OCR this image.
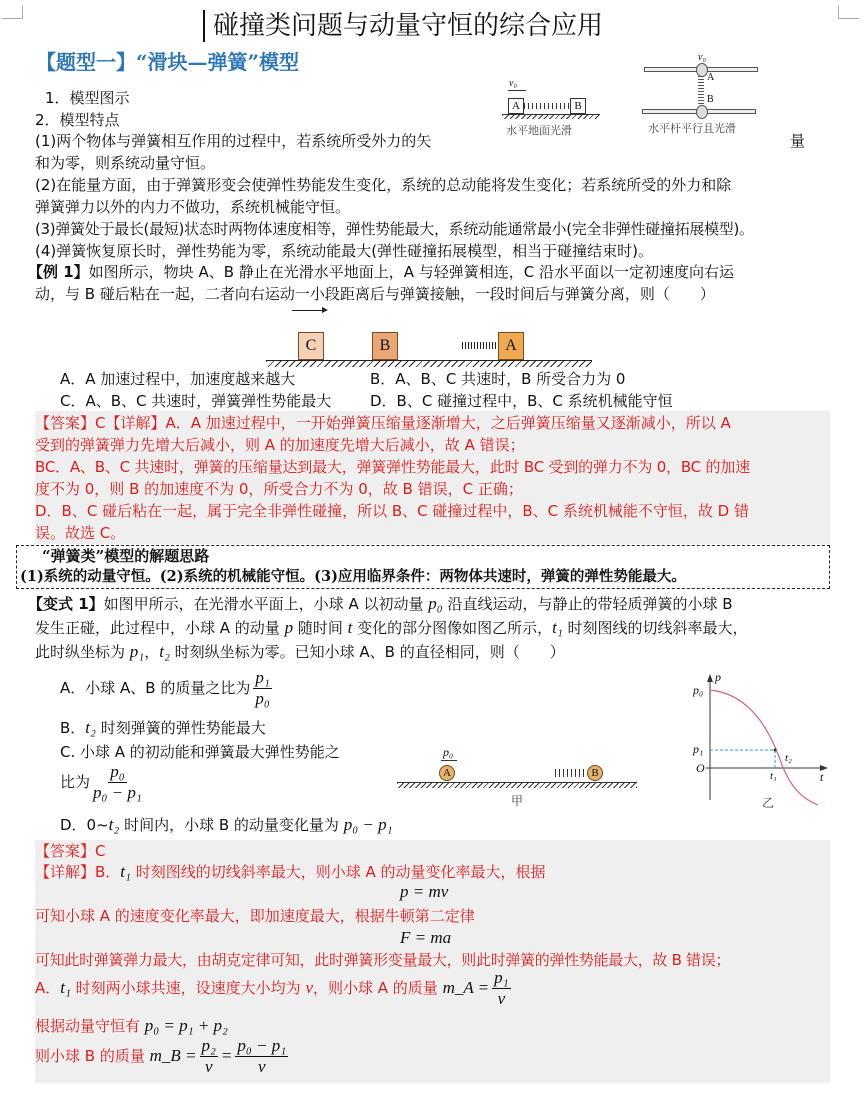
碰撞类问题与动量守恒的综合应用
【题型一】“滑块—弹簧”模型
1．模型图示
2．模型特点
v₀
A	B
水平地面光滑
v₀
A
B
水平杆平行且光滑
(1)两个物体与弹簧相互作用的过程中，若系统所受外力的矢	量
和为零，则系统动量守恒。
(2)在能量方面，由于弹簧形变会使弹性势能发生变化，系统的总动能将发生变化；若系统所受的外力和除
弹簧弹力以外的内力不做功，系统机械能守恒。
(3)弹簧处于最长(最短)状态时两物体速度相等，弹性势能最大，系统动能通常最小(完全非弹性碰撞拓展模型)。
(4)弹簧恢复原长时，弹性势能为零，系统动能最大(弹性碰撞拓展模型，相当于碰撞结束时)。
【例 1】如图所示，物块 A、B 静止在光滑水平地面上，A 与轻弹簧相连，C 沿水平面以一定初速度向右运
动，与 B 碰后粘在一起，二者向右运动一小段距离后与弹簧接触，一段时间后与弹簧分离，则（　　）
C	B	A
A．A 加速过程中，加速度越来越大	B．A、B、C 共速时，B 所受合力为 0
C．A、B、C 共速时，弹簧弹性势能最大	D．B、C 碰撞过程中，B、C 系统机械能守恒
【答案】C【详解】A．A 加速过程中，一开始弹簧压缩量逐渐增大，之后弹簧压缩量又逐渐减小，所以 A
受到的弹簧弹力先增大后减小，则 A 的加速度先增大后减小，故 A 错误；
BC．A、B、C 共速时，弹簧的压缩量达到最大，弹簧弹性势能最大，此时 BC 受到的弹力不为 0，BC 的加速
度不为 0，则 B 的加速度不为 0，所受合力不为 0，故 B 错误，C 正确；
D．B、C 碰后粘在一起，属于完全非弹性碰撞，所以 B、C 碰撞过程中，B、C 系统机械能不守恒，故 D 错
误。故选 C。
“弹簧类”模型的解题思路
(1)系统的动量守恒。(2)系统的机械能守恒。(3)应用临界条件：两物体共速时，弹簧的弹性势能最大。
【变式 1】如图甲所示，在光滑水平面上，小球 A 以初动量 p₀ 沿直线运动，与静止的带轻质弹簧的小球 B
发生正碰，此过程中，小球 A 的动量 p 随时间 t 变化的部分图像如图乙所示，t₁ 时刻图线的切线斜率最大，
此时纵坐标为 p₁，t₂ 时刻纵坐标为零。已知小球 A、B 的直径相同，则（　　）
A．小球 A、B 的质量之比为 $\frac{\text{p₁}}{\text{p₀}}$
B．t₂ 时刻弹簧的弹性势能最大
C. 小球 A 的初动能和弹簧最大弹性势能之
比为 $\frac{\text{p₀}}{\text{p₀ − p₁}}$
D．0~t₂ 时间内，小球 B 的动量变化量为 p₀ − p₁
p₀
A	B
甲
p
p₀
p₁
O
t
t₁
t₂
乙
【答案】C
【详解】B．t₁ 时刻图线的切线斜率最大，则小球 A 的动量变化率最大，根据
p = mv
可知小球 A 的速度变化率最大，即加速度最大，根据牛顿第二定律
F = ma
可知此时弹簧弹力最大，由胡克定律可知，此时弹簧形变量最大，则此时弹簧的弹性势能最大，故 B 错误；
A．t₁ 时刻两小球共速，设速度大小均为 v，则小球 A 的质量 m_A = $\frac{\text{p₁}}{v}$
根据动量守恒有 p₀ = p₁ + p₂
则小球 B 的质量 m_B = $\frac{\text{p₂}}{v} = \frac{\text{p₀ − p₁}}{v}$
